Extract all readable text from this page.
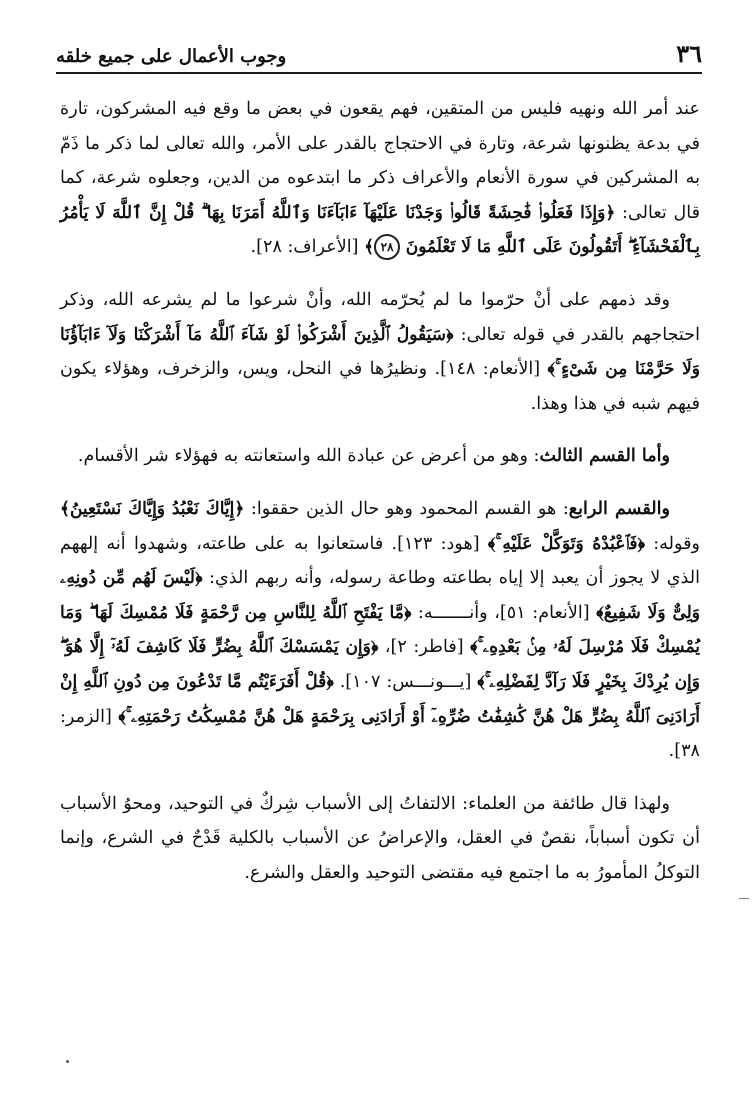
٣٦
وجوب الأعمال على جميع خلقه

عند أمر الله ونهيه فليس من المتقين، فهم يقعون في بعض ما وقع فيه المشركون، تارة في بدعة يظنونها شرعة، وتارة في الاحتجاج بالقدر على الأمر، والله تعالى لما ذكر ما ذَمّ به المشركين في سورة الأنعام والأعراف ذكر ما ابتدعوه من الدين، وجعلوه شرعة، كما قال تعالى: ﴿وَإِذَا فَعَلُوا۟ فَٰحِشَةً قَالُوا۟ وَجَدْنَا عَلَيْهَآ ءَابَآءَنَا وَٱللَّهُ أَمَرَنَا بِهَا ۗ قُلْ إِنَّ ٱللَّهَ لَا يَأْمُرُ بِٱلْفَحْشَآءِ ۖ أَتَقُولُونَ عَلَى ٱللَّهِ مَا لَا تَعْلَمُونَ ٢٨﴾ [الأعراف: ٢٨].

وقد ذمهم على أنْ حرّموا ما لم يُحرّمه الله، وأنْ شرعوا ما لم يشرعه الله، وذكر احتجاجهم بالقدر في قوله تعالى: ﴿سَيَقُولُ ٱلَّذِينَ أَشْرَكُوا۟ لَوْ شَآءَ ٱللَّهُ مَآ أَشْرَكْنَا وَلَآ ءَابَآؤُنَا وَلَا حَرَّمْنَا مِن شَىْءٍ ۚ﴾ [الأنعام: ١٤٨]. ونظيرُها في النحل، ويس، والزخرف، وهؤلاء يكون فيهم شبه في هذا وهذا.

وأما القسم الثالث: وهو من أعرض عن عبادة الله واستعانته به فهؤلاء شر الأقسام.

والقسم الرابع: هو القسم المحمود وهو حال الذين حققوا: ﴿إِيَّاكَ نَعْبُدُ وَإِيَّاكَ نَسْتَعِينُ﴾ وقوله: ﴿فَٱعْبُدْهُ وَتَوَكَّلْ عَلَيْهِ ۚ﴾ [هود: ١٢٣]. فاستعانوا به على طاعته، وشهدوا أنه إلههم الذي لا يجوز أن يعبد إلا إياه بطاعته وطاعة رسوله، وأنه ربهم الذي: ﴿لَيْسَ لَهُم مِّن دُونِهِۦ وَلِىٌّ وَلَا شَفِيعٌ﴾ [الأنعام: ٥١]، وأنـــــــه: ﴿مَّا يَفْتَحِ ٱللَّهُ لِلنَّاسِ مِن رَّحْمَةٍ فَلَا مُمْسِكَ لَهَا ۖ وَمَا يُمْسِكْ فَلَا مُرْسِلَ لَهُۥ مِنۢ بَعْدِهِۦ ۚ﴾ [فاطر: ٢]، ﴿وَإِن يَمْسَسْكَ ٱللَّهُ بِضُرٍّ فَلَا كَاشِفَ لَهُۥٓ إِلَّا هُوَ ۖ وَإِن يُرِدْكَ بِخَيْرٍ فَلَا رَآدَّ لِفَضْلِهِۦ ۚ﴾ [يـــونـــس: ١٠٧]. ﴿قُلْ أَفَرَءَيْتُم مَّا تَدْعُونَ مِن دُونِ ٱللَّهِ إِنْ أَرَادَنِىَ ٱللَّهُ بِضُرٍّ هَلْ هُنَّ كَٰشِفَٰتُ ضُرِّهِۦٓ أَوْ أَرَادَنِى بِرَحْمَةٍ هَلْ هُنَّ مُمْسِكَٰتُ رَحْمَتِهِۦ ۚ﴾ [الزمر: ٣٨].

ولهذا قال طائفة من العلماء: الالتفاتُ إلى الأسباب شِركٌ في التوحيد، ومحوُ الأسباب أن تكون أسباباً، نقصٌ في العقل، والإعراضُ عن الأسباب بالكلية قَدْحٌ في الشرع، وإنما التوكلُ المأمورُ به ما اجتمع فيه مقتضى التوحيد والعقل والشرع.
